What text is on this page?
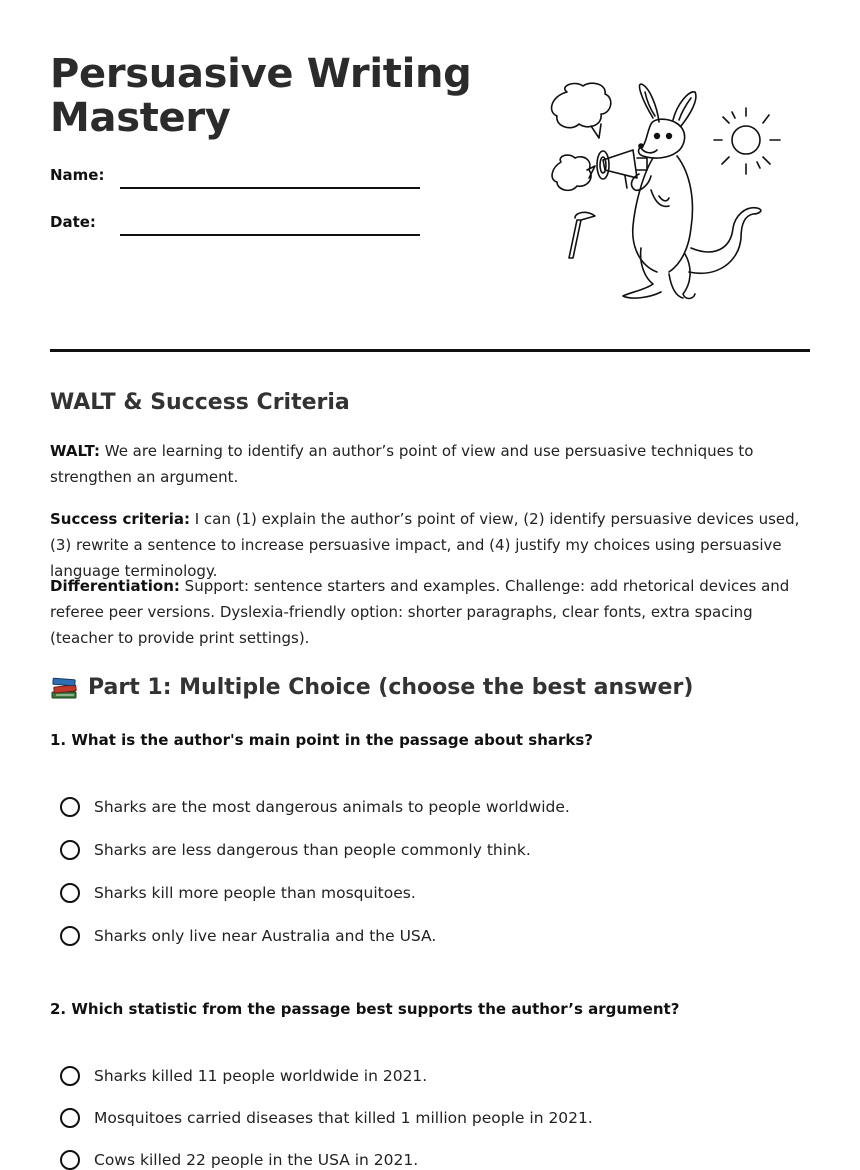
Persuasive Writing Mastery
Name:
Date:
WALT & Success Criteria

WALT: We are learning to identify an author’s point of view and use persuasive techniques to strengthen an argument.

Success criteria: I can (1) explain the author’s point of view, (2) identify persuasive devices used, (3) rewrite a sentence to increase persuasive impact, and (4) justify my choices using persuasive language terminology.

Differentiation: Support: sentence starters and examples. Challenge: add rhetorical devices and referee peer versions. Dyslexia-friendly option: shorter paragraphs, clear fonts, extra spacing (teacher to provide print settings).

Part 1: Multiple Choice (choose the best answer)

1. What is the author's main point in the passage about sharks?

Sharks are the most dangerous animals to people worldwide.
Sharks are less dangerous than people commonly think.
Sharks kill more people than mosquitoes.
Sharks only live near Australia and the USA.

2. Which statistic from the passage best supports the author’s argument?

Sharks killed 11 people worldwide in 2021.
Mosquitoes carried diseases that killed 1 million people in 2021.
Cows killed 22 people in the USA in 2021.
